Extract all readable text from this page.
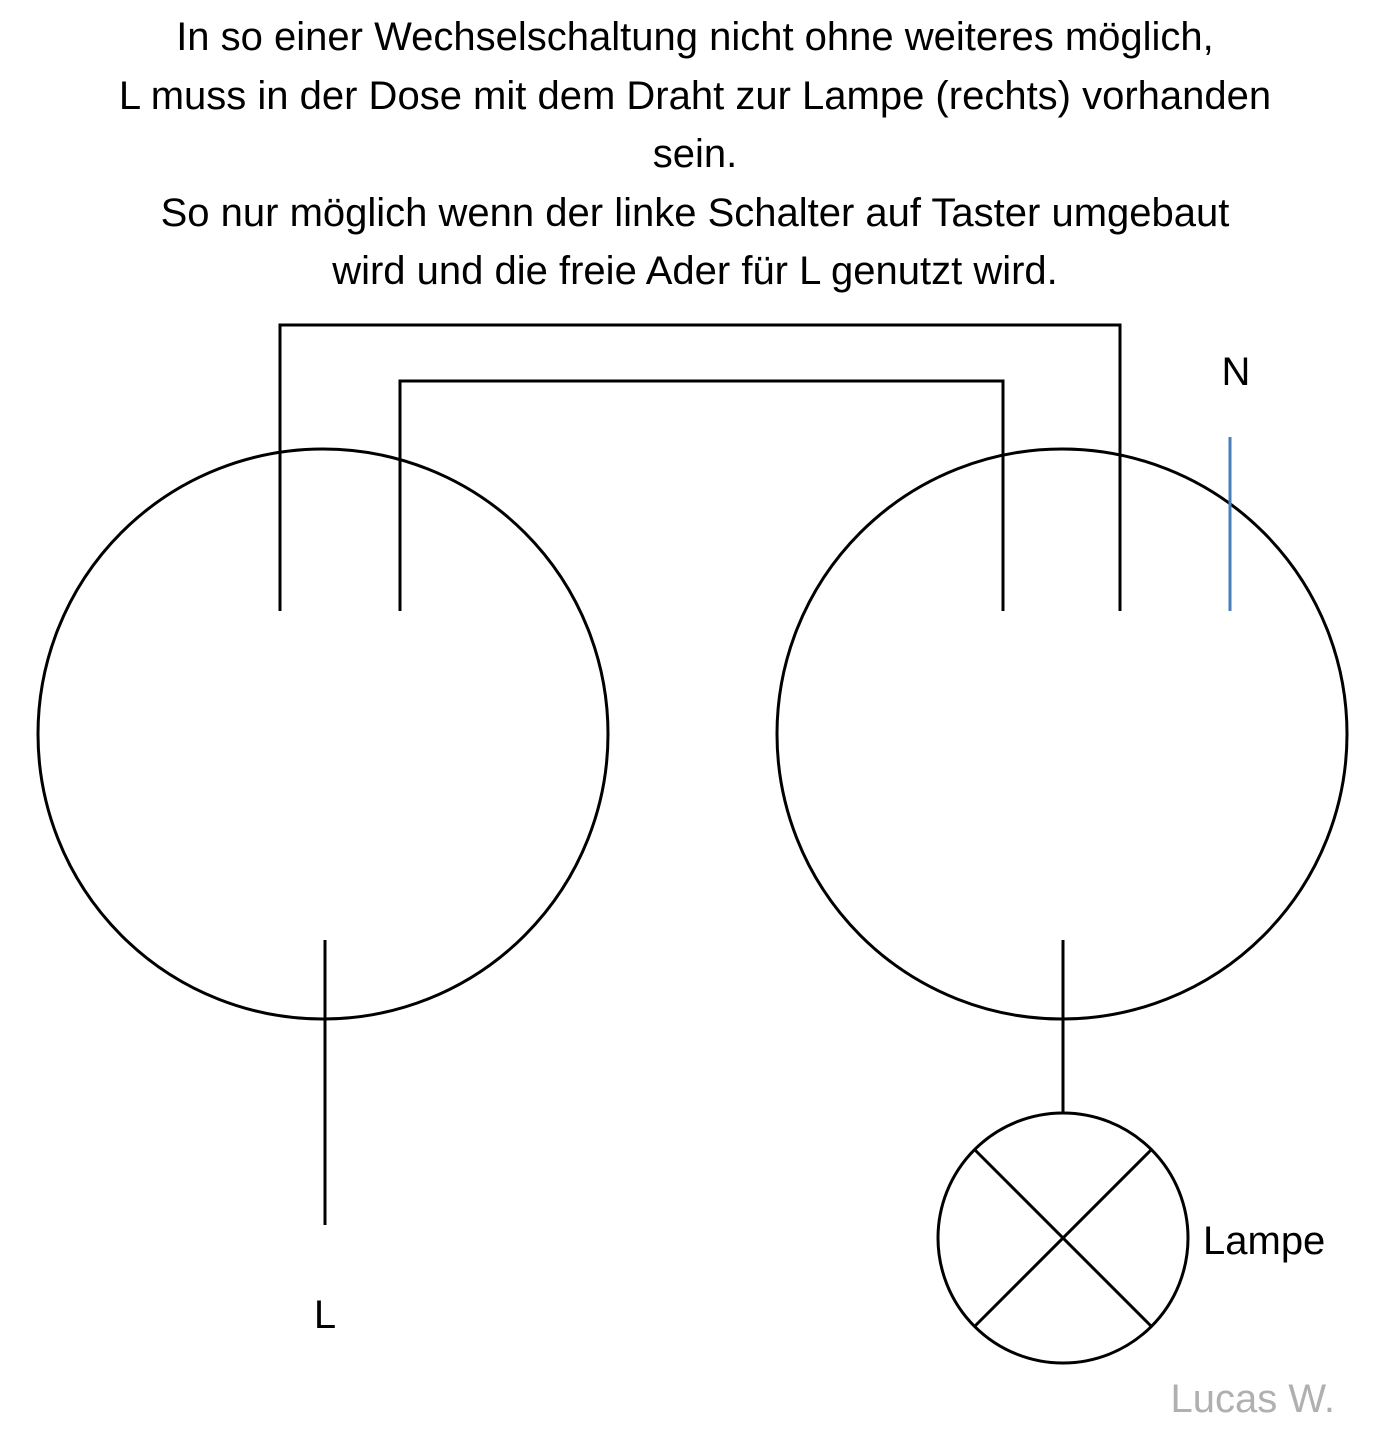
In so einer Wechselschaltung nicht ohne weiteres möglich,
L muss in der Dose mit dem Draht zur Lampe (rechts) vorhanden
sein.
So nur möglich wenn der linke Schalter auf Taster umgebaut
wird und die freie Ader für L genutzt wird.
N
L
Lampe
Lucas W.
